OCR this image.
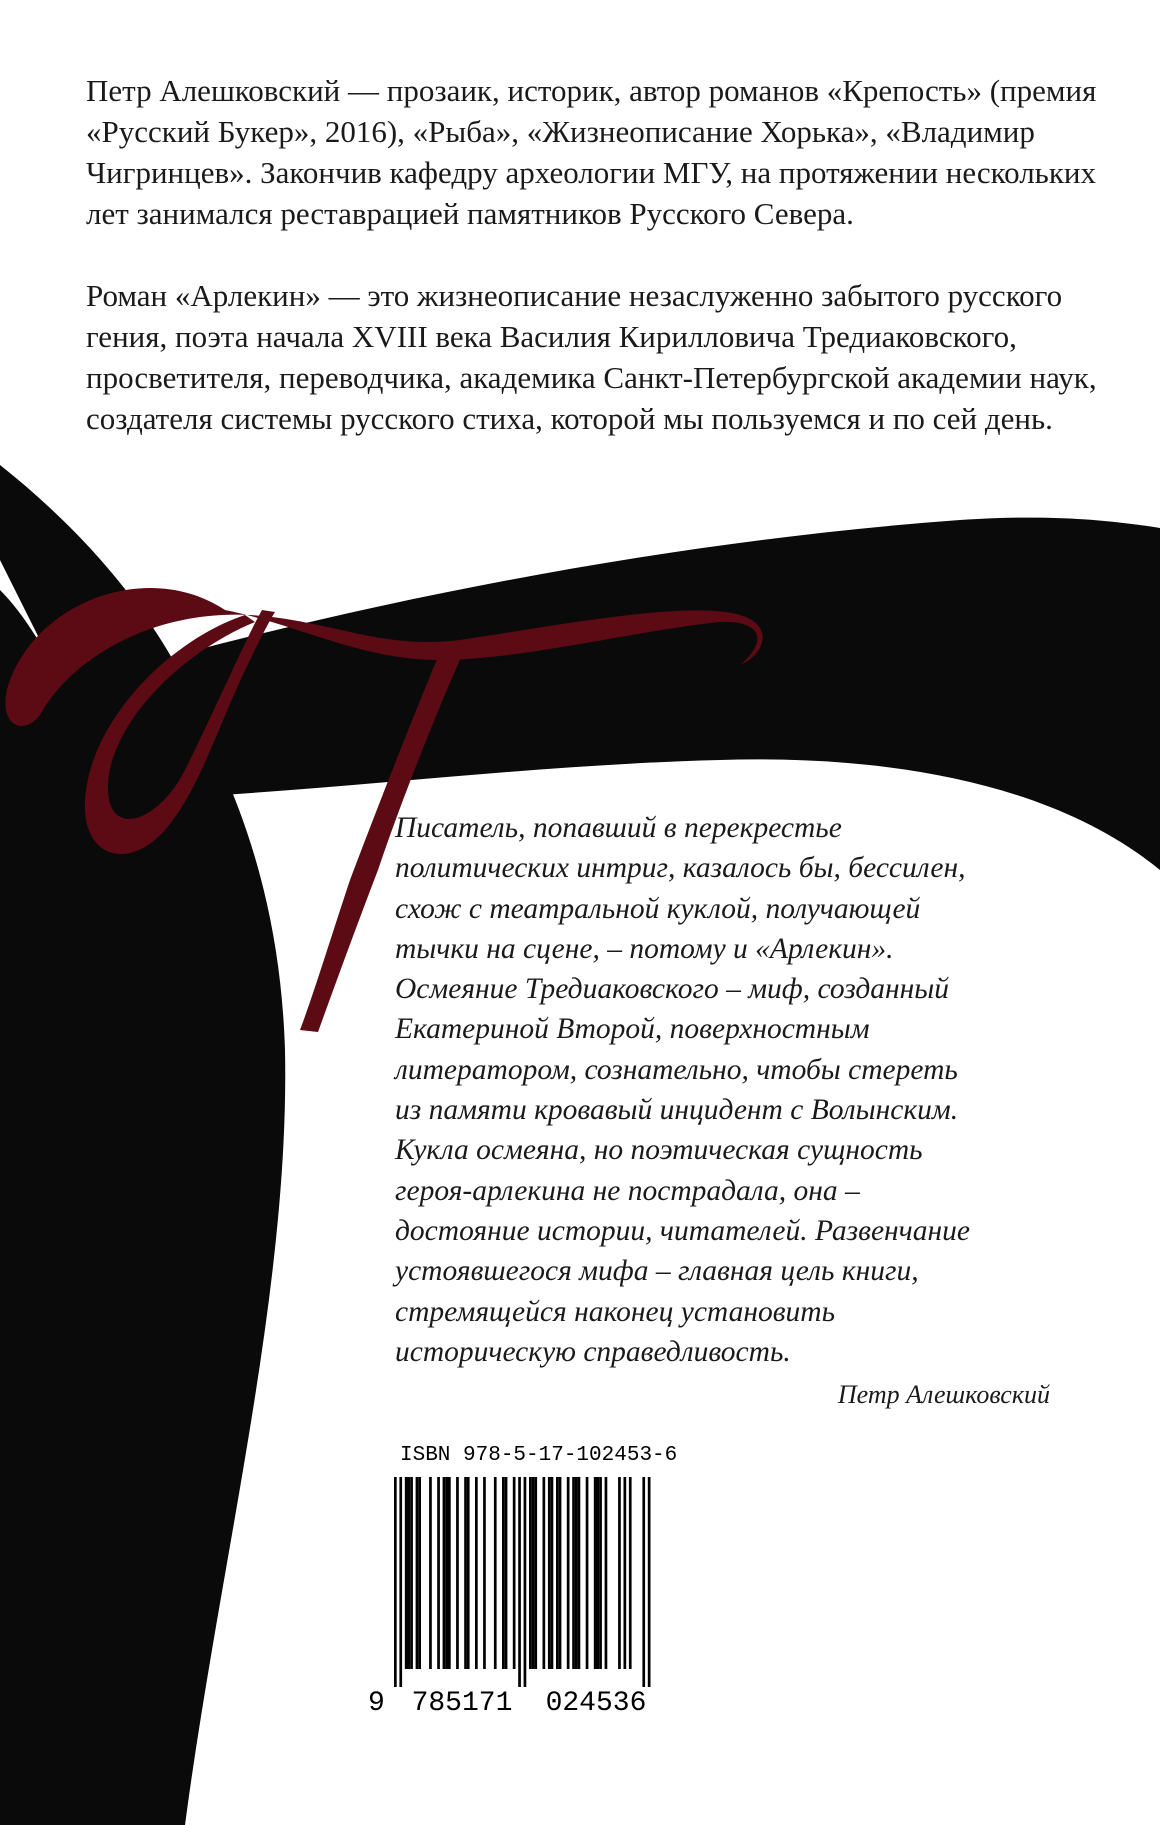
Петр Алешковский — прозаик, историк, автор романов «Крепость» (премия «Русский Букер», 2016), «Рыба», «Жизнеописание Хорька», «Владимир Чигринцев». Закончив кафедру археологии МГУ, на протяжении нескольких лет занимался реставрацией памятников Русского Севера.

Роман «Арлекин» — это жизнеописание незаслуженно забытого русского гения, поэта начала XVIII века Василия Кирилловича Тредиаковского, просветителя, переводчика, академика Санкт-Петербургской академии наук, создателя системы русского стиха, которой мы пользуемся и по сей день.

Писатель, попавший в перекрестье
политических интриг, казалось бы, бессилен,
схож с театральной куклой, получающей
тычки на сцене, – потому и «Арлекин».
Осмеяние Тредиаковского – миф, созданный
Екатериной Второй, поверхностным
литератором, сознательно, чтобы стереть
из памяти кровавый инцидент с Волынским.
Кукла осмеяна, но поэтическая сущность
героя-арлекина не пострадала, она –
достояние истории, читателей. Развенчание
устоявшегося мифа – главная цель книги,
стремящейся наконец установить
историческую справедливость.
Петр Алешковский
ISBN 978-5-17-102453-6
9 785171	024536
